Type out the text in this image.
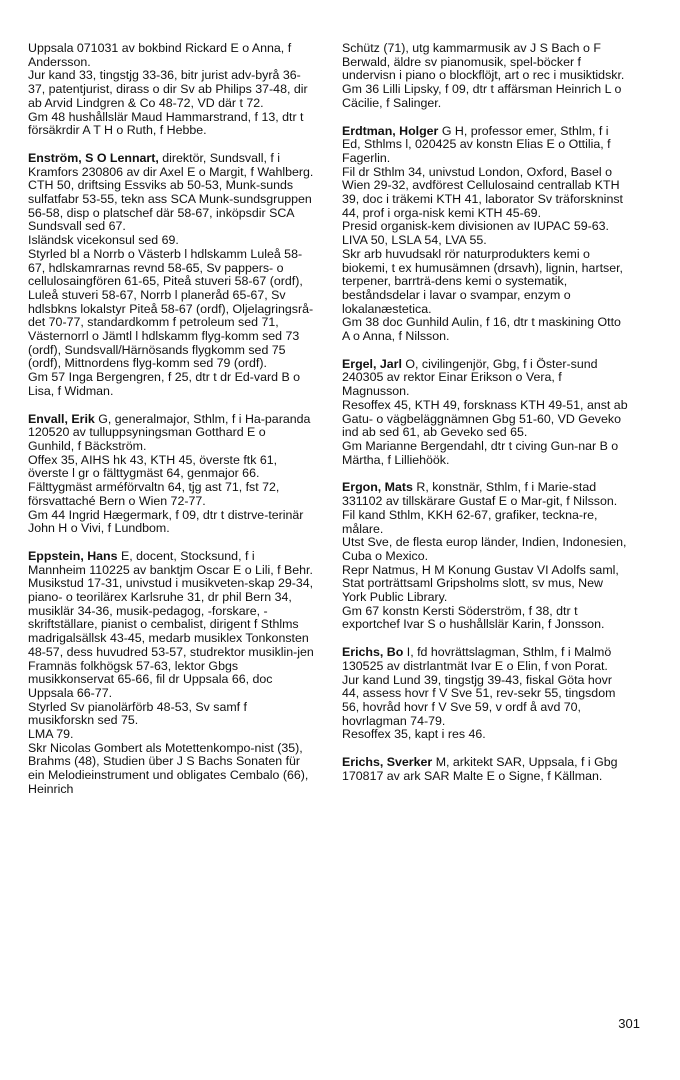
Uppsala 071031 av bokbind Rickard E o Anna, f Andersson.

Jur kand 33, tingstjg 33-36, bitr jurist adv-byrå 36-37, patentjurist, dirass o dir Sv ab Philips 37-48, dir ab Arvid Lindgren & Co 48-72, VD där t 72.

Gm 48 hushållslär Maud Hammarstrand, f 13, dtr t försäkrdir A T H o Ruth, f Hebbe.

Enström, S O Lennart, direktör, Sundsvall, f i Kramfors 230806 av dir Axel E o Margit, f Wahlberg.

CTH 50, driftsing Essviks ab 50-53, Munk-sunds sulfatfabr 53-55, tekn ass SCA Munk-sundsgruppen 56-58, disp o platschef där 58-67, inköpsdir SCA Sundsvall sed 67.

Isländsk vicekonsul sed 69.

Styrled bl a Norrb o Västerb l hdlskamm Luleå 58-67, hdlskamrarnas revnd 58-65, Sv pappers- o cellulosaingfören 61-65, Piteå stuveri 58-67 (ordf), Luleå stuveri 58-67, Norrb l planeråd 65-67, Sv hdlsbkns lokalstyr Piteå 58-67 (ordf), Oljelagringsrå-det 70-77, standardkomm f petroleum sed 71, Västernorrl o Jämtl l hdlskamm flyg-komm sed 73 (ordf), Sundsvall/Härnösands flygkomm sed 75 (ordf), Mittnordens flyg-komm sed 79 (ordf).

Gm 57 Inga Bergengren, f 25, dtr t dr Ed-vard B o Lisa, f Widman.

Envall, Erik G, generalmajor, Sthlm, f i Ha-paranda 120520 av tulluppsyningsman Gotthard E o Gunhild, f Bäckström.

Offex 35, AIHS hk 43, KTH 45, överste ftk 61, överste l gr o fälttygmäst 64, genmajor 66.

Fälttygmäst arméförvaltn 64, tjg ast 71, fst 72, försvattaché Bern o Wien 72-77.

Gm 44 Ingrid Hægermark, f 09, dtr t distrve-terinär John H o Vivi, f Lundbom.

Eppstein, Hans E, docent, Stocksund, f i Mannheim 110225 av banktjm Oscar E o Lili, f Behr.

Musikstud 17-31, univstud i musikveten-skap 29-34, piano- o teorilärex Karlsruhe 31, dr phil Bern 34, musiklär 34-36, musik-pedagog, -forskare, -skriftställare, pianist o cembalist, dirigent f Sthlms madrigalsällsk 43-45, medarb musiklex Tonkonsten 48-57, dess huvudred 53-57, studrektor musiklin-jen Framnäs folkhögsk 57-63, lektor Gbgs musikkonservat 65-66, fil dr Uppsala 66, doc Uppsala 66-77.

Styrled Sv pianolärförb 48-53, Sv samf f musikforskn sed 75.

LMA 79.

Skr Nicolas Gombert als Motettenkompo-nist (35), Brahms (48), Studien über J S Bachs Sonaten für ein Melodieinstrument und obligates Cembalo (66), Heinrich

Schütz (71), utg kammarmusik av J S Bach o F Berwald, äldre sv pianomusik, spel-böcker f undervisn i piano o blockflöjt, art o rec i musiktidskr.

Gm 36 Lilli Lipsky, f 09, dtr t affärsman Heinrich L o Cäcilie, f Salinger.

Erdtman, Holger G H, professor emer, Sthlm, f i Ed, Sthlms l, 020425 av konstn Elias E o Ottilia, f Fagerlin.

Fil dr Sthlm 34, univstud London, Oxford, Basel o Wien 29-32, avdförest Cellulosaind centrallab KTH 39, doc i träkemi KTH 41, laborator Sv träforskninst 44, prof i orga-nisk kemi KTH 45-69.

Presid organisk-kem divisionen av IUPAC 59-63.

LIVA 50, LSLA 54, LVA 55.

Skr arb huvudsakl rör naturprodukters kemi o biokemi, t ex humusämnen (drsavh), lignin, hartser, terpener, barrträ-dens kemi o systematik, beståndsdelar i lavar o svampar, enzym o lokalanæstetica.

Gm 38 doc Gunhild Aulin, f 16, dtr t maskining Otto A o Anna, f Nilsson.

Ergel, Jarl O, civilingenjör, Gbg, f i Öster-sund 240305 av rektor Einar Erikson o Vera, f Magnusson.

Resoffex 45, KTH 49, forsknass KTH 49-51, anst ab Gatu- o vägbeläggnämnen Gbg 51-60, VD Geveko ind ab sed 61, ab Geveko sed 65.

Gm Marianne Bergendahl, dtr t civing Gun-nar B o Märtha, f Lilliehöök.

Ergon, Mats R, konstnär, Sthlm, f i Marie-stad 331102 av tillskärare Gustaf E o Mar-git, f Nilsson.

Fil kand Sthlm, KKH 62-67, grafiker, teckna-re, målare.

Utst Sve, de flesta europ länder, Indien, Indonesien, Cuba o Mexico.

Repr Natmus, H M Konung Gustav VI Adolfs saml, Stat porträttsaml Gripsholms slott, sv mus, New York Public Library.

Gm 67 konstn Kersti Söderström, f 38, dtr t exportchef Ivar S o hushållslär Karin, f Jonsson.

Erichs, Bo I, fd hovrättslagman, Sthlm, f i Malmö 130525 av distrlantmät Ivar E o Elin, f von Porat.

Jur kand Lund 39, tingstjg 39-43, fiskal Göta hovr 44, assess hovr f V Sve 51, rev-sekr 55, tingsdom 56, hovråd hovr f V Sve 59, v ordf å avd 70, hovrlagman 74-79.

Resoffex 35, kapt i res 46.

Erichs, Sverker M, arkitekt SAR, Uppsala, f i Gbg 170817 av ark SAR Malte E o Signe, f Källman.

301
